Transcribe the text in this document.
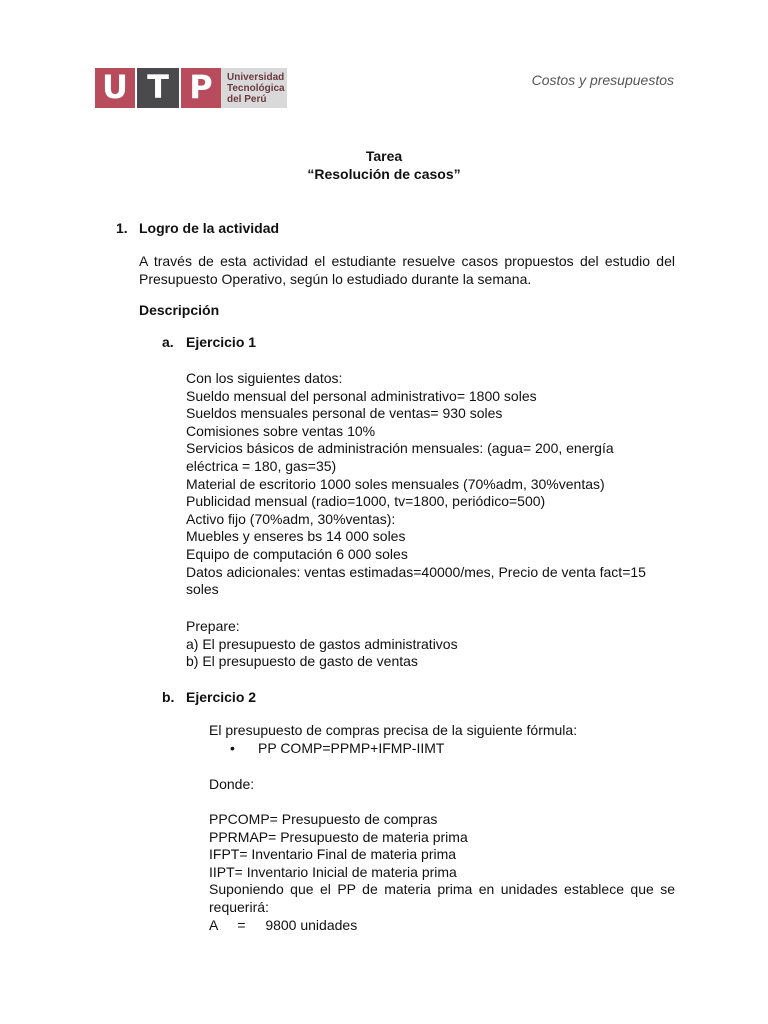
U T P	Universidad
Tecnológica
del Perú
Costos y presupuestos
Tarea
“Resolución de casos”
1. Logro de la actividad
A través de esta actividad el estudiante resuelve casos propuestos del estudio del Presupuesto Operativo, según lo estudiado durante la semana.
Descripción
a. Ejercicio 1
Con los siguientes datos:
Sueldo mensual del personal administrativo= 1800 soles
Sueldos mensuales personal de ventas= 930 soles
Comisiones sobre ventas 10%
Servicios básicos de administración mensuales: (agua= 200, energía
eléctrica = 180, gas=35)
Material de escritorio 1000 soles mensuales (70%adm, 30%ventas)
Publicidad mensual (radio=1000, tv=1800, periódico=500)
Activo fijo (70%adm, 30%ventas):
Muebles y enseres bs 14 000 soles
Equipo de computación 6 000 soles
Datos adicionales: ventas estimadas=40000/mes, Precio de venta fact=15
soles
Prepare:
a) El presupuesto de gastos administrativos
b) El presupuesto de gasto de ventas
b. Ejercicio 2
El presupuesto de compras precisa de la siguiente fórmula:
• PP COMP=PPMP+IFMP-IIMT
Donde:
PPCOMP= Presupuesto de compras
PPRMAP= Presupuesto de materia prima
IFPT= Inventario Final de materia prima
IIPT= Inventario Inicial de materia prima
Suponiendo que el PP de materia prima en unidades establece que se requerirá:
A = 9800 unidades
